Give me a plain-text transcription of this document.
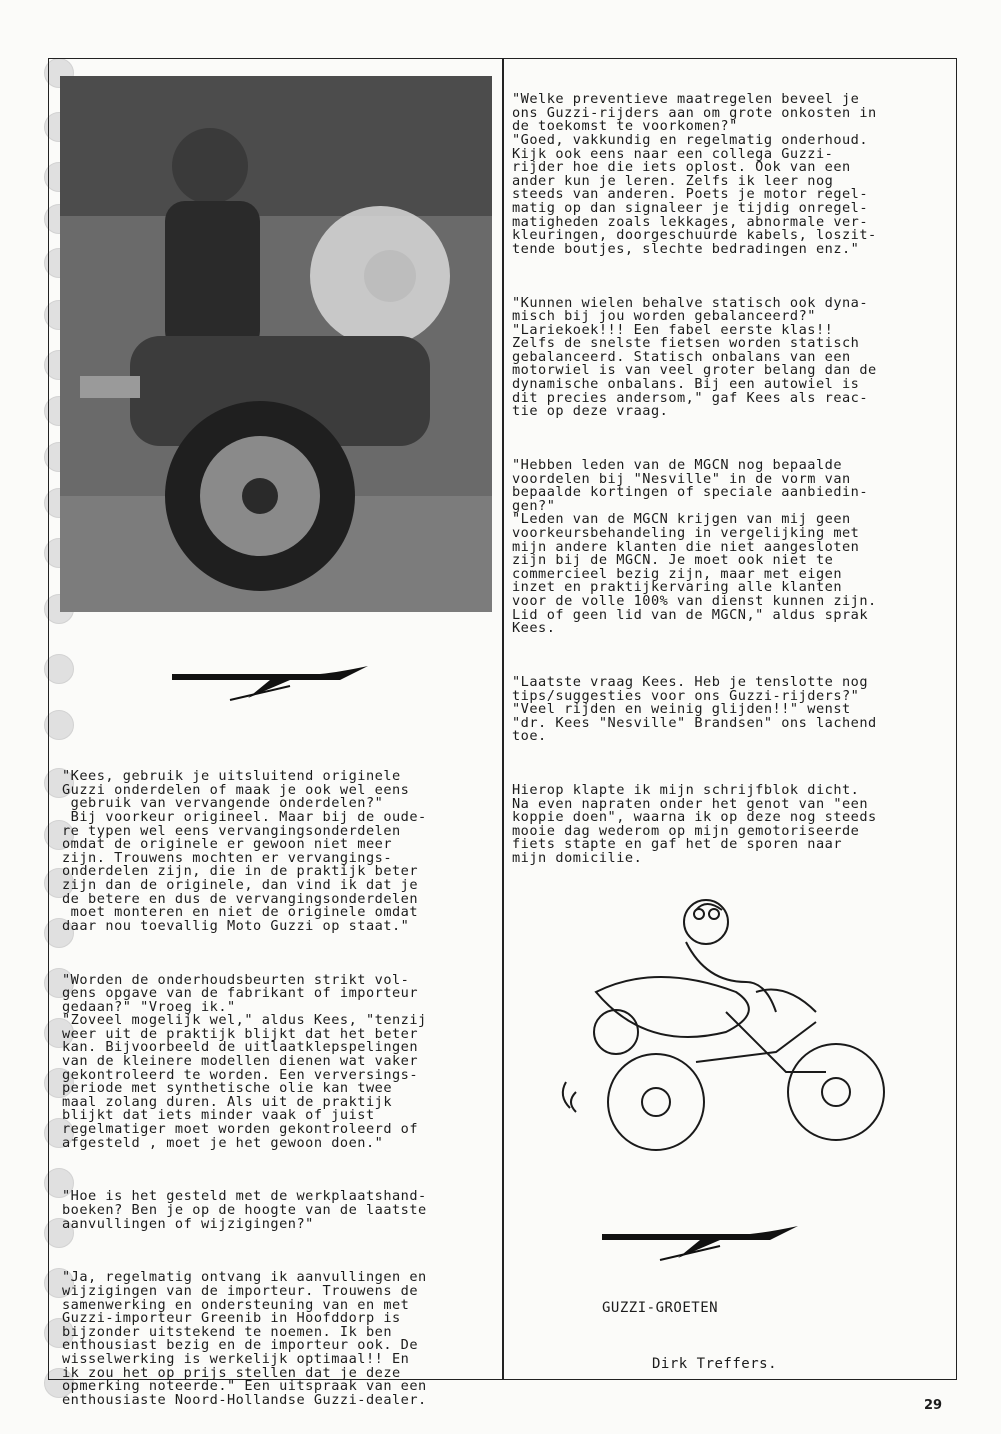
"Kees, gebruik je uitsluitend originele
Guzzi onderdelen of maak je ook wel eens
gebruik van vervangende onderdelen?"
Bij voorkeur origineel. Maar bij de oude-
re typen wel eens vervangingsonderdelen
omdat de originele er gewoon niet meer
zijn. Trouwens mochten er vervangings-
onderdelen zijn, die in de praktijk beter
zijn dan de originele, dan vind ik dat je
de betere en dus de vervangingsonderdelen
moet monteren en niet de originele omdat
daar nou toevallig Moto Guzzi op staat."

"Worden de onderhoudsbeurten strikt vol-
gens opgave van de fabrikant of importeur
gedaan?" "Vroeg ik."
"Zoveel mogelijk wel," aldus Kees, "tenzij
weer uit de praktijk blijkt dat het beter
kan. Bijvoorbeeld de uitlaatklepspelingen
van de kleinere modellen dienen wat vaker
gekontroleerd te worden. Een verversings-
periode met synthetische olie kan twee
maal zolang duren. Als uit de praktijk
blijkt dat iets minder vaak of juist
regelmatiger moet worden gekontroleerd of
afgesteld , moet je het gewoon doen."

"Hoe is het gesteld met de werkplaatshand-
boeken? Ben je op de hoogte van de laatste
aanvullingen of wijzigingen?"

"Ja, regelmatig ontvang ik aanvullingen en
wijzigingen van de importeur. Trouwens de
samenwerking en ondersteuning van en met
Guzzi-importeur Greenib in Hoofddorp is
bijzonder uitstekend te noemen. Ik ben
enthousiast bezig en de importeur ook. De
wisselwerking is werkelijk optimaal!! En
ik zou het op prijs stellen dat je deze
opmerking noteerde." Een uitspraak van een
enthousiaste Noord-Hollandse Guzzi-dealer.

"Welke preventieve maatregelen beveel je
ons Guzzi-rijders aan om grote onkosten in
de toekomst te voorkomen?"
"Goed, vakkundig en regelmatig onderhoud.
Kijk ook eens naar een collega Guzzi-
rijder hoe die iets oplost. Ook van een
ander kun je leren. Zelfs ik leer nog
steeds van anderen. Poets je motor regel-
matig op dan signaleer je tijdig onregel-
matigheden zoals lekkages, abnormale ver-
kleuringen, doorgeschuurde kabels, loszit-
tende boutjes, slechte bedradingen enz."

"Kunnen wielen behalve statisch ook dyna-
misch bij jou worden gebalanceerd?"
"Lariekoek!!! Een fabel eerste klas!!
Zelfs de snelste fietsen worden statisch
gebalanceerd. Statisch onbalans van een
motorwiel is van veel groter belang dan de
dynamische onbalans. Bij een autowiel is
dit precies andersom," gaf Kees als reac-
tie op deze vraag.

"Hebben leden van de MGCN nog bepaalde
voordelen bij "Nesville" in de vorm van
bepaalde kortingen of speciale aanbiedin-
gen?"
"Leden van de MGCN krijgen van mij geen
voorkeursbehandeling in vergelijking met
mijn andere klanten die niet aangesloten
zijn bij de MGCN. Je moet ook niet te
commercieel bezig zijn, maar met eigen
inzet en praktijkervaring alle klanten
voor de volle 100% van dienst kunnen zijn.
Lid of geen lid van de MGCN," aldus sprak
Kees.

"Laatste vraag Kees. Heb je tenslotte nog
tips/suggesties voor ons Guzzi-rijders?"
"Veel rijden en weinig glijden!!" wenst
"dr. Kees "Nesville" Brandsen" ons lachend
toe.

Hierop klapte ik mijn schrijfblok dicht.
Na even napraten onder het genot van "een
koppie doen", waarna ik op deze nog steeds
mooie dag wederom op mijn gemotoriseerde
fiets stapte en gaf het de sporen naar
mijn domicilie.

GUZZI-GROETEN
Dirk Treffers.
29
